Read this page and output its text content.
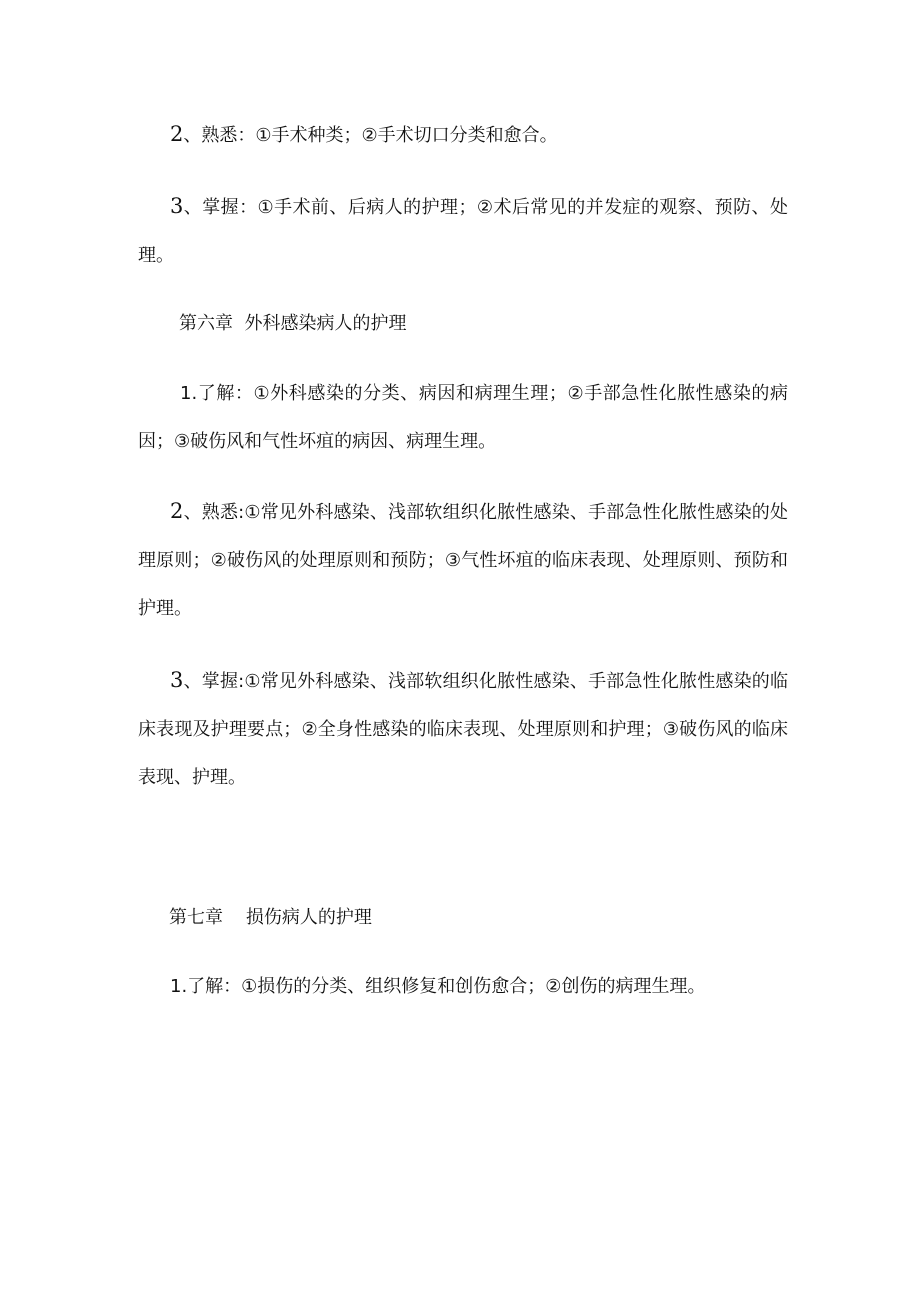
2、熟悉：①手术种类；②手术切口分类和愈合。

3、掌握：①手术前、后病人的护理；②术后常见的并发症的观察、预防、处理。

第六章  外科感染病人的护理

1.了解：①外科感染的分类、病因和病理生理；②手部急性化脓性感染的病因；③破伤风和气性坏疽的病因、病理生理。

2、熟悉:①常见外科感染、浅部软组织化脓性感染、手部急性化脓性感染的处理原则；②破伤风的处理原则和预防；③气性坏疽的临床表现、处理原则、预防和护理。

3、掌握:①常见外科感染、浅部软组织化脓性感染、手部急性化脓性感染的临床表现及护理要点；②全身性感染的临床表现、处理原则和护理；③破伤风的临床表现、护理。

第七章    损伤病人的护理

1.了解：①损伤的分类、组织修复和创伤愈合；②创伤的病理生理。
